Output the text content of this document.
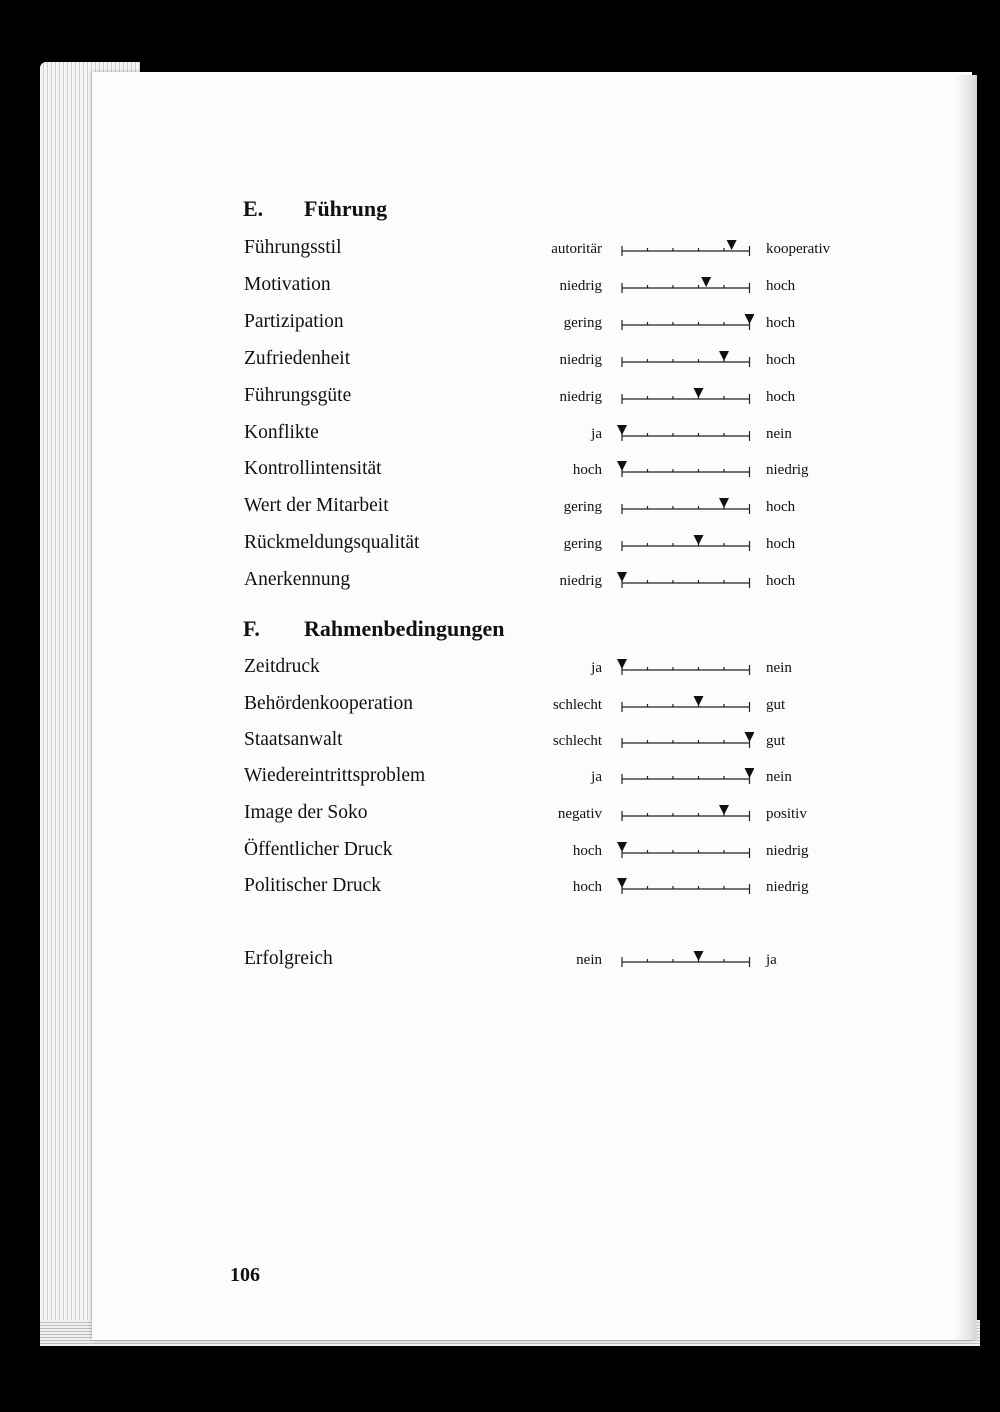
E. Führung
Führungsstil	autoritär	kooperativ
Motivation	niedrig	hoch
Partizipation	gering	hoch
Zufriedenheit	niedrig	hoch
Führungsgüte	niedrig	hoch
Konflikte	ja	nein
Kontrollintensität	hoch	niedrig
Wert der Mitarbeit	gering	hoch
Rückmeldungsqualität	gering	hoch
Anerkennung	niedrig	hoch
F. Rahmenbedingungen
Zeitdruck	ja	nein
Behördenkooperation	schlecht	gut
Staatsanwalt	schlecht	gut
Wiedereintrittsproblem	ja	nein
Image der Soko	negativ	positiv
Öffentlicher Druck	hoch	niedrig
Politischer Druck	hoch	niedrig
Erfolgreich	nein	ja
106
